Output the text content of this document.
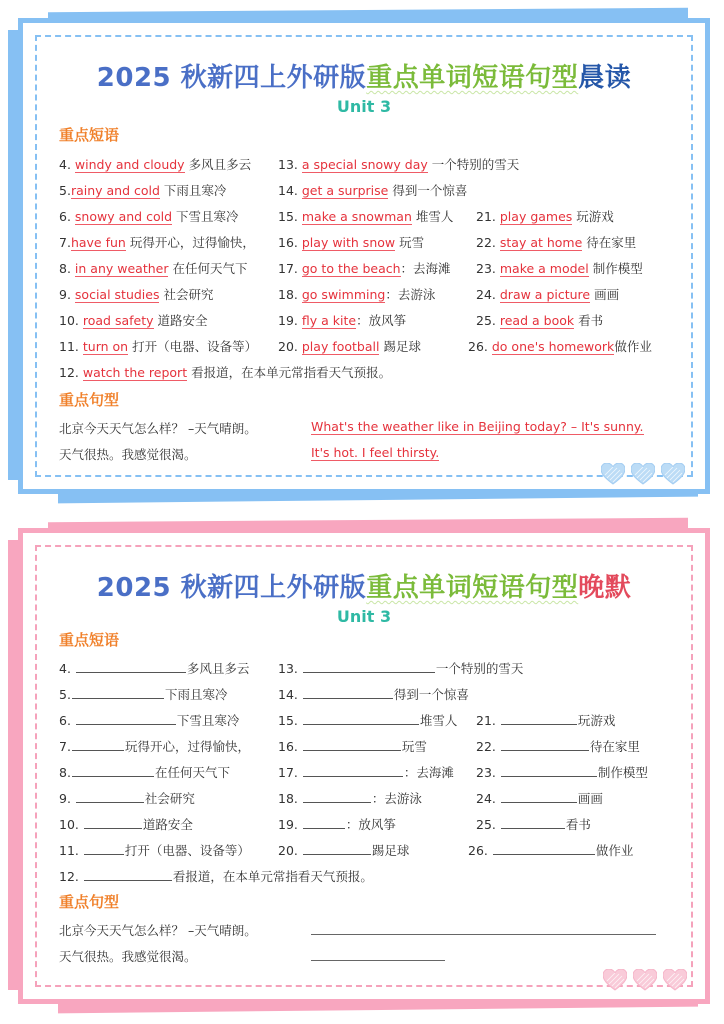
2025 秋新四上外研版重点单词短语句型晨读
Unit 3
重点短语
4. windy and cloudy 多风且多云
5.rainy and cold 下雨且寒冷
6. snowy and cold 下雪且寒冷
7.have fun 玩得开心，过得愉快，
8. in any weather 在任何天气下
9. social studies 社会研究
10. road safety 道路安全
11. turn on 打开（电器、设备等）
12. watch the report 看报道，在本单元常指看天气预报。
13. a special snowy day 一个特别的雪天
14. get a surprise 得到一个惊喜
15. make a snowman 堆雪人
16. play with snow 玩雪
17. go to the beach：去海滩
18. go swimming：去游泳
19. fly a kite：放风筝
20. play football 踢足球
21. play games 玩游戏
22. stay at home 待在家里
23. make a model 制作模型
24. draw a picture 画画
25. read a book 看书
26. do one's homework做作业
重点句型
北京今天天气怎么样？ –天气晴朗。	What's the weather like in Beijing today? – It's sunny.
天气很热。我感觉很渴。	It's hot. I feel thirsty.
2025 秋新四上外研版重点单词短语句型晚默
Unit 3
重点短语
4.	多风且多云
5.	下雨且寒冷
6.	下雪且寒冷
7.	玩得开心，过得愉快，
8.	在任何天气下
9.	社会研究
10.	道路安全
11.	打开（电器、设备等）
12.	看报道，在本单元常指看天气预报。
13.	一个特别的雪天
14.	得到一个惊喜
15.	堆雪人
16.	玩雪
17.	：去海滩
18.	：去游泳
19.	：放风筝
20.	踢足球
21.	玩游戏
22.	待在家里
23.	制作模型
24.	画画
25.	看书
26.	做作业
重点句型
北京今天天气怎么样？ –天气晴朗。
天气很热。我感觉很渴。
